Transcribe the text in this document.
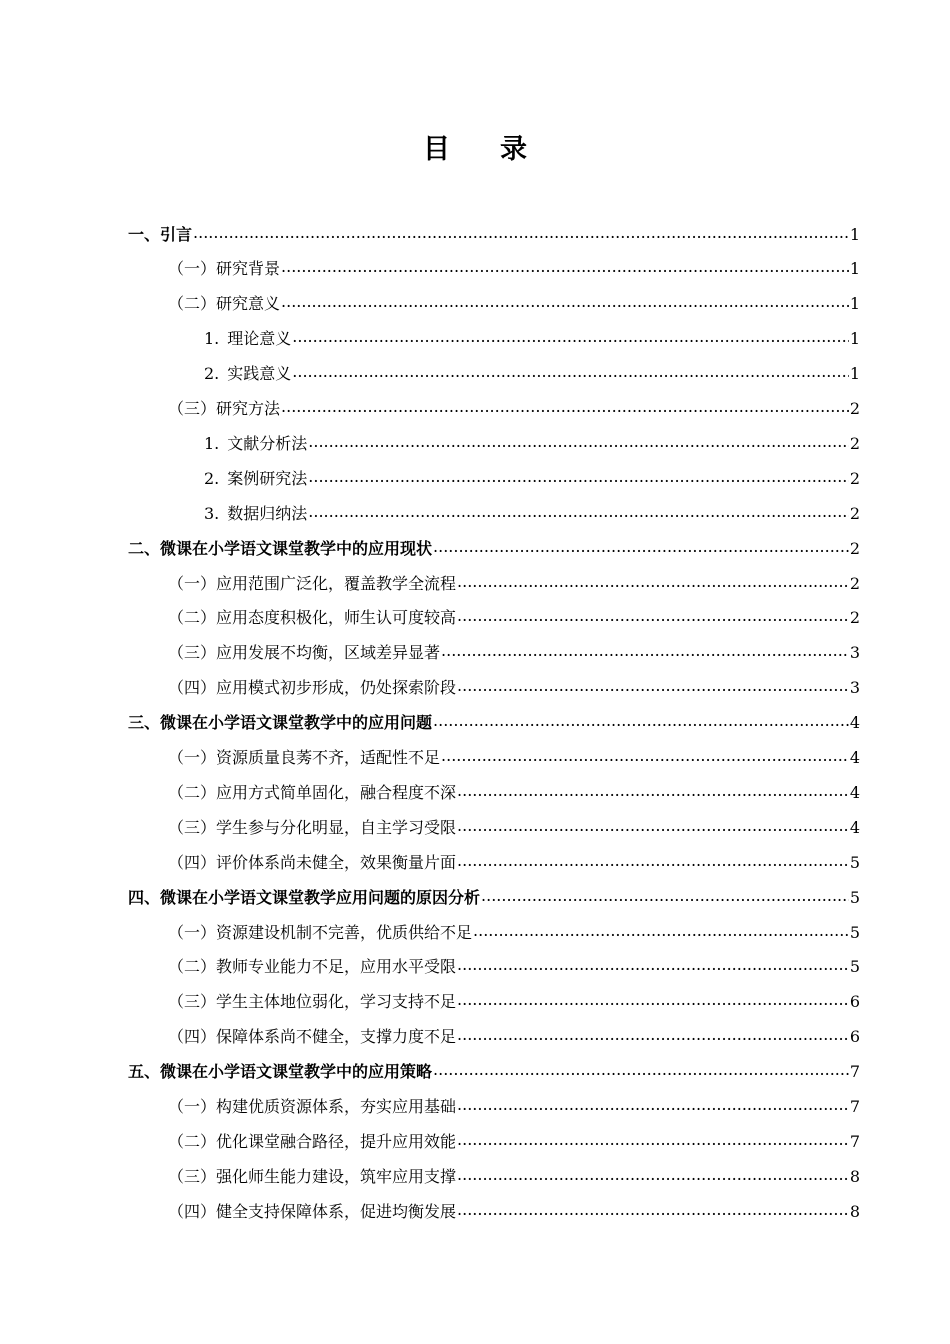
目 录
一、引言 .....	1
（一）研究背景 .....	1
（二）研究意义 .....	1
1. 理论意义 .....	1
2. 实践意义 .....	1
（三）研究方法 .....	2
1. 文献分析法 .....	2
2. 案例研究法 .....	2
3. 数据归纳法 .....	2
二、微课在小学语文课堂教学中的应用现状 .....	2
（一）应用范围广泛化，覆盖教学全流程 .....	2
（二）应用态度积极化，师生认可度较高 .....	2
（三）应用发展不均衡，区域差异显著 .....	3
（四）应用模式初步形成，仍处探索阶段 .....	3
三、微课在小学语文课堂教学中的应用问题 .....	4
（一）资源质量良莠不齐，适配性不足 .....	4
（二）应用方式简单固化，融合程度不深 .....	4
（三）学生参与分化明显，自主学习受限 .....	4
（四）评价体系尚未健全，效果衡量片面 .....	5
四、微课在小学语文课堂教学应用问题的原因分析 .....	5
（一）资源建设机制不完善，优质供给不足 .....	5
（二）教师专业能力不足，应用水平受限 .....	5
（三）学生主体地位弱化，学习支持不足 .....	6
（四）保障体系尚不健全，支撑力度不足 .....	6
五、微课在小学语文课堂教学中的应用策略 .....	7
（一）构建优质资源体系，夯实应用基础 .....	7
（二）优化课堂融合路径，提升应用效能 .....	7
（三）强化师生能力建设，筑牢应用支撑 .....	8
（四）健全支持保障体系，促进均衡发展 .....	8
